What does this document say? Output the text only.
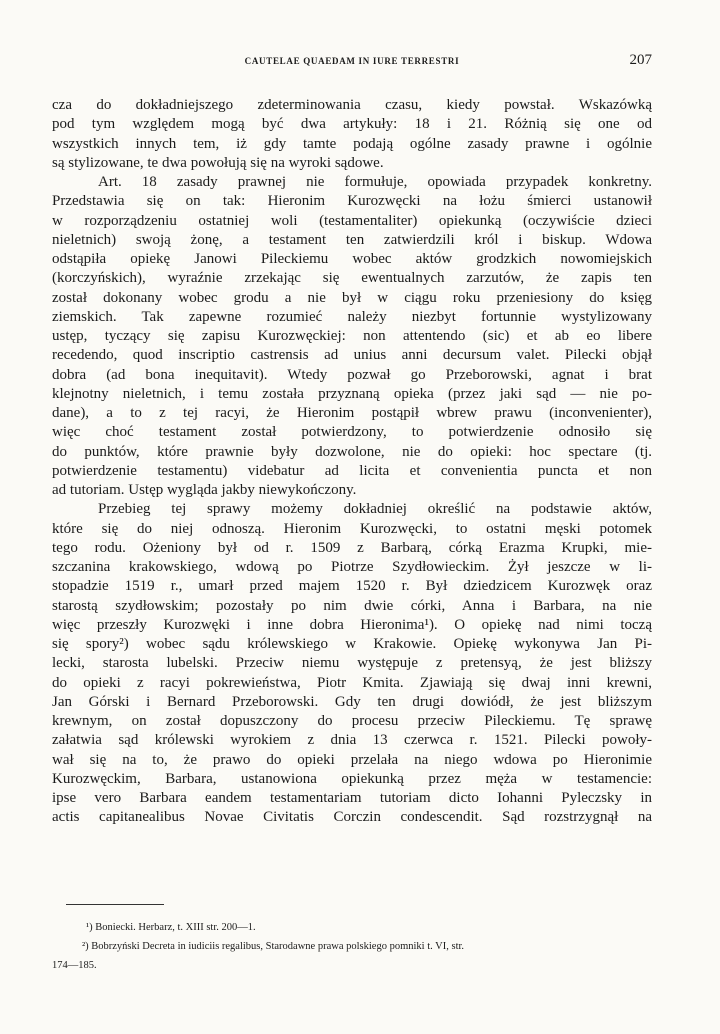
CAUTELAE QUAEDAM IN IURE TERRESTRI	207
cza do dokładniejszego zdeterminowania czasu, kiedy powstał. Wskazówką
pod tym względem mogą być dwa artykuły: 18 i 21. Różnią się one od
wszystkich innych tem, iż gdy tamte podają ogólne zasady prawne i ogólnie
są stylizowane, te dwa powołują się na wyroki sądowe.
Art. 18 zasady prawnej nie formułuje, opowiada przypadek konkretny.
Przedstawia się on tak: Hieronim Kurozwęcki na łożu śmierci ustanowił
w rozporządzeniu ostatniej woli (testamentaliter) opiekunką (oczywiście dzieci
nieletnich) swoją żonę, a testament ten zatwierdzili król i biskup. Wdowa
odstąpiła opiekę Janowi Pileckiemu wobec aktów grodzkich nowomiejskich
(korczyńskich), wyraźnie zrzekając się ewentualnych zarzutów, że zapis ten
został dokonany wobec grodu a nie był w ciągu roku przeniesiony do księg
ziemskich. Tak zapewne rozumieć należy niezbyt fortunnie wystylizowany
ustęp, tyczący się zapisu Kurozwęckiej: non attentendo (sic) et ab eo libere
recedendo, quod inscriptio castrensis ad unius anni decursum valet. Pilecki objął
dobra (ad bona inequitavit). Wtedy pozwał go Przeborowski, agnat i brat
klejnotny nieletnich, i temu została przyznaną opieka (przez jaki sąd — nie po-
dane), a to z tej racyi, że Hieronim postąpił wbrew prawu (inconvenienter),
więc choć testament został potwierdzony, to potwierdzenie odnosiło się
do punktów, które prawnie były dozwolone, nie do opieki: hoc spectare (tj.
potwierdzenie testamentu) videbatur ad licita et convenientia puncta et non
ad tutoriam. Ustęp wygląda jakby niewykończony.
Przebieg tej sprawy możemy dokładniej określić na podstawie aktów,
które się do niej odnoszą. Hieronim Kurozwęcki, to ostatni męski potomek
tego rodu. Ożeniony był od r. 1509 z Barbarą, córką Erazma Krupki, mie-
szczanina krakowskiego, wdową po Piotrze Szydłowieckim. Żył jeszcze w li-
stopadzie 1519 r., umarł przed majem 1520 r. Był dziedzicem Kurozwęk oraz
starostą szydłowskim; pozostały po nim dwie córki, Anna i Barbara, na nie
więc przeszły Kurozwęki i inne dobra Hieronima¹). O opiekę nad nimi toczą
się spory²) wobec sądu królewskiego w Krakowie. Opiekę wykonywa Jan Pi-
lecki, starosta lubelski. Przeciw niemu występuje z pretensyą, że jest bliższy
do opieki z racyi pokrewieństwa, Piotr Kmita. Zjawiają się dwaj inni krewni,
Jan Górski i Bernard Przeborowski. Gdy ten drugi dowiódł, że jest bliższym
krewnym, on został dopuszczony do procesu przeciw Pileckiemu. Tę sprawę
załatwia sąd królewski wyrokiem z dnia 13 czerwca r. 1521. Pilecki powoły-
wał się na to, że prawo do opieki przelała na niego wdowa po Hieronimie
Kurozwęckim, Barbara, ustanowiona opiekunką przez męża w testamencie:
ipse vero Barbara eandem testamentariam tutoriam dicto Iohanni Pyleczsky in
actis capitanealibus Novae Civitatis Corczin condescendit. Sąd rozstrzygnął na
¹) Boniecki. Herbarz, t. XIII str. 200—1.
²) Bobrzyński Decreta in iudiciis regalibus, Starodawne prawa polskiego pomniki t. VI, str.
174—185.
